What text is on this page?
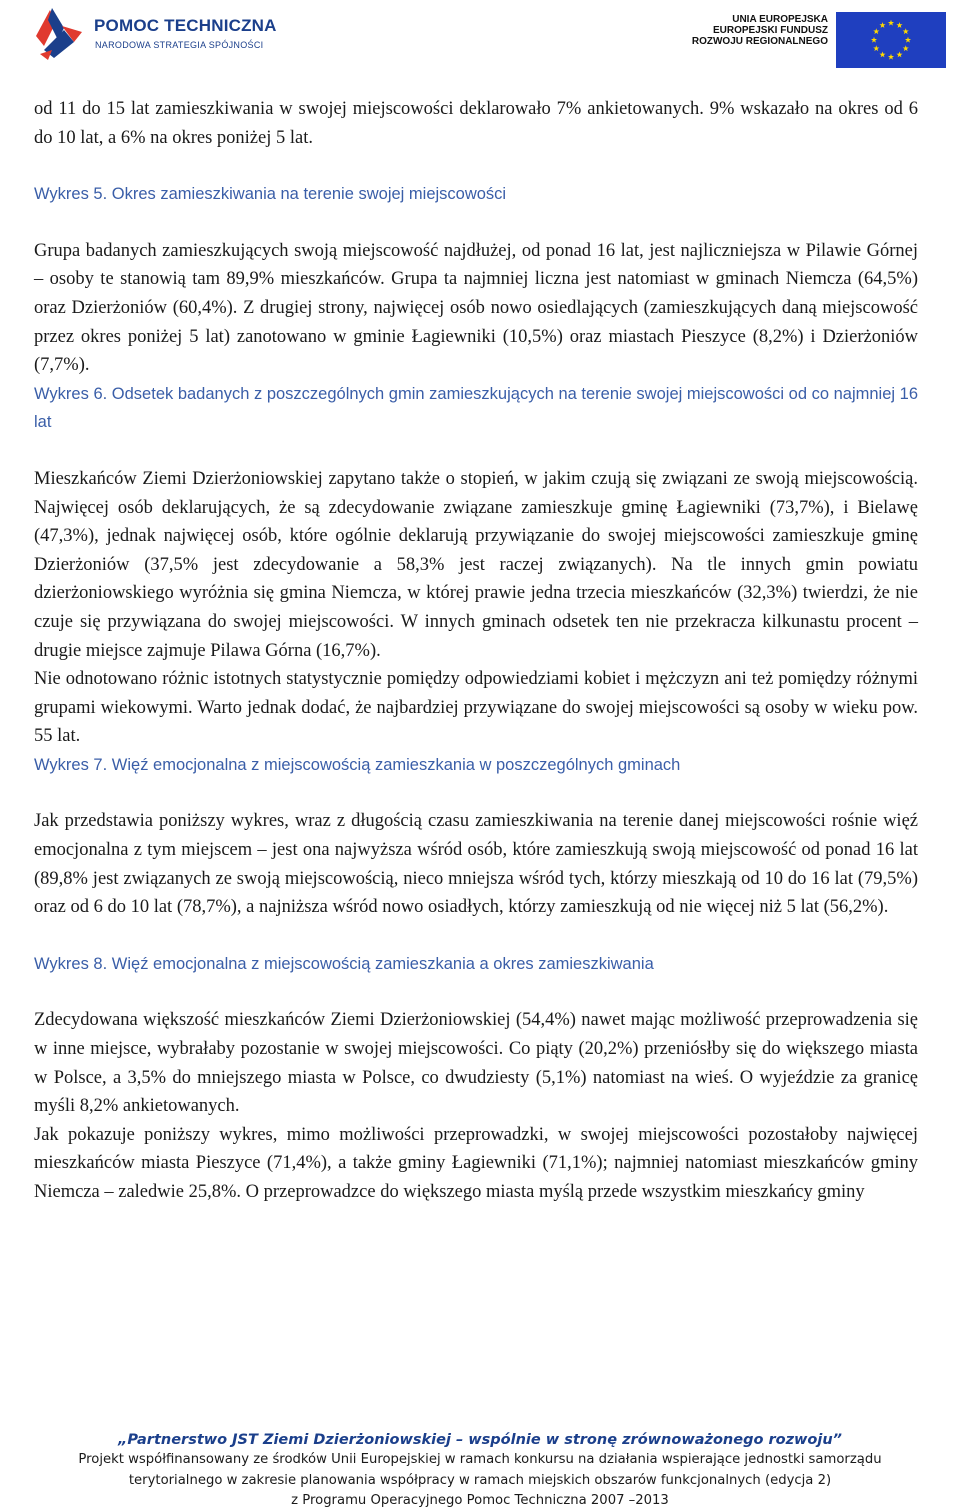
POMOC TECHNICZNA
NARODOWA STRATEGIA SPÓJNOŚCI
UNIA EUROPEJSKA
EUROPEJSKI FUNDUSZ
ROZWOJU REGIONALNEGO

od 11 do 15 lat zamieszkiwania w swojej miejscowości deklarowało 7% ankietowanych. 9% wskazało na okres od 6 do 10 lat, a 6% na okres poniżej 5 lat.

Wykres 5. Okres zamieszkiwania na terenie swojej miejscowości

Grupa badanych zamieszkujących swoją miejscowość najdłużej, od ponad 16 lat, jest najliczniejsza w Pilawie Górnej – osoby te stanowią tam 89,9% mieszkańców. Grupa ta najmniej liczna jest natomiast w gminach Niemcza (64,5%) oraz Dzierżoniów (60,4%). Z drugiej strony, najwięcej osób nowo osiedlających (zamieszkujących daną miejscowość przez okres poniżej 5 lat) zanotowano w gminie Łagiewniki (10,5%) oraz miastach Pieszyce (8,2%) i Dzierżoniów (7,7%).

Wykres 6. Odsetek badanych z poszczególnych gmin zamieszkujących na terenie swojej miejscowości od co najmniej 16 lat

Mieszkańców Ziemi Dzierżoniowskiej zapytano także o stopień, w jakim czują się związani ze swoją miejscowością. Najwięcej osób deklarujących, że są zdecydowanie związane zamieszkuje gminę Łagiewniki (73,7%), i Bielawę (47,3%), jednak najwięcej osób, które ogólnie deklarują przywiązanie do swojej miejscowości zamieszkuje gminę Dzierżoniów (37,5% jest zdecydowanie a 58,3% jest raczej związanych). Na tle innych gmin powiatu dzierżoniowskiego wyróżnia się gmina Niemcza, w której prawie jedna trzecia mieszkańców (32,3%) twierdzi, że nie czuje się przywiązana do swojej miejscowości. W innych gminach odsetek ten nie przekracza kilkunastu procent – drugie miejsce zajmuje Pilawa Górna (16,7%).

Nie odnotowano różnic istotnych statystycznie pomiędzy odpowiedziami kobiet i mężczyzn ani też pomiędzy różnymi grupami wiekowymi. Warto jednak dodać, że najbardziej przywiązane do swojej miejscowości są osoby w wieku pow. 55 lat.

Wykres 7. Więź emocjonalna z miejscowością zamieszkania w poszczególnych gminach

Jak przedstawia poniższy wykres, wraz z długością czasu zamieszkiwania na terenie danej miejscowości rośnie więź emocjonalna z tym miejscem – jest ona najwyższa wśród osób, które zamieszkują swoją miejscowość od ponad 16 lat (89,8% jest związanych ze swoją miejscowością, nieco mniejsza wśród tych, którzy mieszkają od 10 do 16 lat (79,5%) oraz od 6 do 10 lat (78,7%), a najniższa wśród nowo osiadłych, którzy zamieszkują od nie więcej niż 5 lat (56,2%).

Wykres 8. Więź emocjonalna z miejscowością zamieszkania a okres zamieszkiwania

Zdecydowana większość mieszkańców Ziemi Dzierżoniowskiej (54,4%) nawet mając możliwość przeprowadzenia się w inne miejsce, wybrałaby pozostanie w swojej miejscowości. Co piąty (20,2%) przeniósłby się do większego miasta w Polsce, a 3,5% do mniejszego miasta w Polsce, co dwudziesty (5,1%) natomiast na wieś. O wyjeździe za granicę myśli 8,2% ankietowanych.

Jak pokazuje poniższy wykres, mimo możliwości przeprowadzki, w swojej miejscowości pozostałoby najwięcej mieszkańców miasta Pieszyce (71,4%), a także gminy Łagiewniki (71,1%); najmniej natomiast mieszkańców gminy Niemcza – zaledwie 25,8%. O przeprowadzce do większego miasta myślą przede wszystkim mieszkańcy gminy

„Partnerstwo JST Ziemi Dzierżoniowskiej – wspólnie w stronę zrównoważonego rozwoju”
Projekt współfinansowany ze środków Unii Europejskiej w ramach konkursu na działania wspierające jednostki samorządu
terytorialnego w zakresie planowania współpracy w ramach miejskich obszarów funkcjonalnych (edycja 2)
z Programu Operacyjnego Pomoc Techniczna 2007 –2013
